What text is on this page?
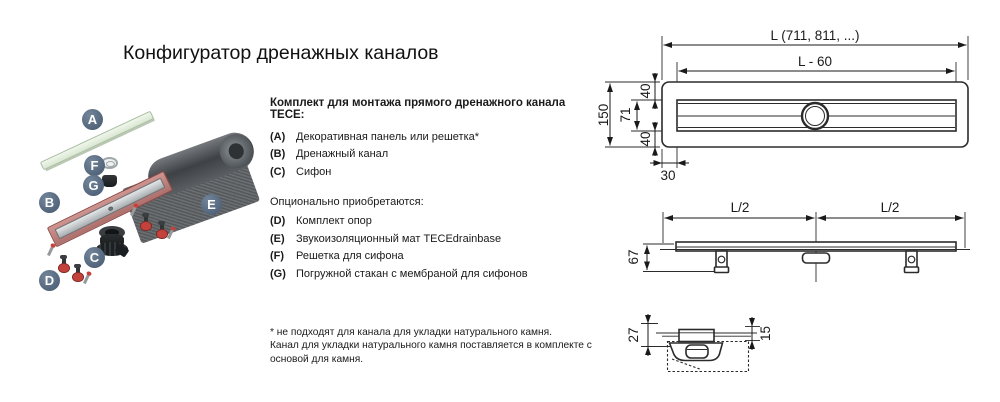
Конфигуратор дренажных каналов
A
B
C
D
E
F
G
Комплект для монтажа прямого дренажного канала TECE:
(A) Декоративная панель или решетка*
(B) Дренажный канал
(C) Сифон
Опционально приобретаются:
(D) Комплект опор
(E)	Звукоизоляционный мат TECEdrainbase
(F)	Решетка для сифона
(G) Погружной стакан с мембраной для сифонов
* не подходят для канала для укладки натурального камня.
Канал для укладки натурального камня поставляется в комплекте с
основой для камня.
L (711, 811, ...)
L - 60
150
40
71
40
30
L/2	L/2
67
27	15
